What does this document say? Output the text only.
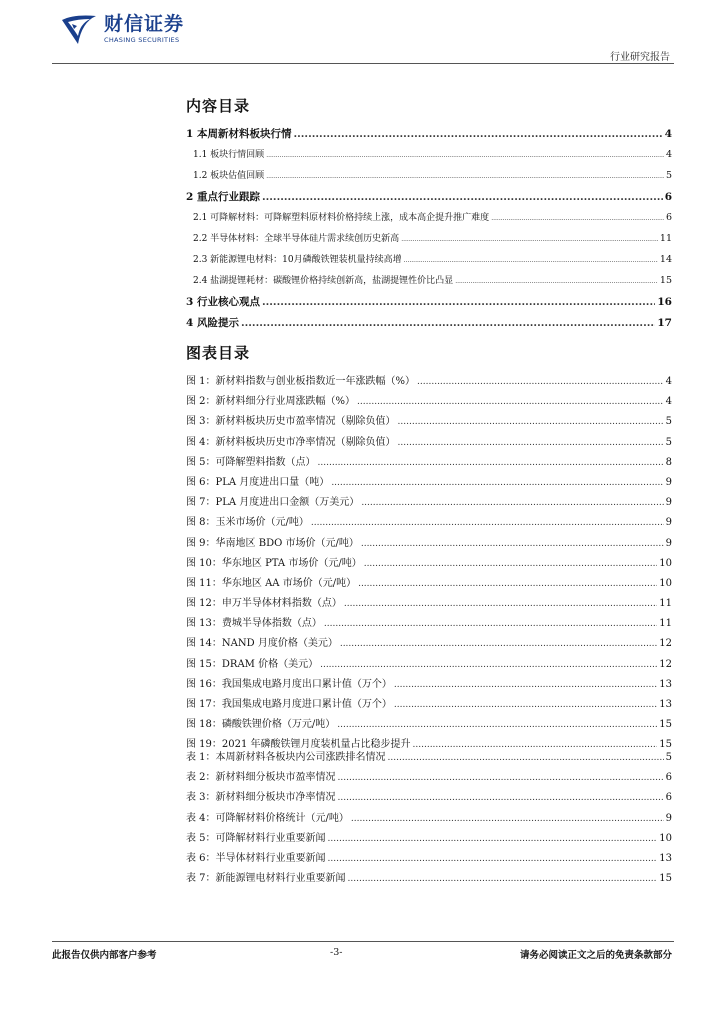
财信证券
CHASING SECURITIES
行业研究报告
内容目录
1 本周新材料板块行情 .....	4
1.1 板块行情回顾 .....	4
1.2 板块估值回顾 .....	5
2 重点行业跟踪 .....	6
2.1 可降解材料：可降解塑料原材料价格持续上涨，成本高企提升推广难度 .....	6
2.2 半导体材料：全球半导体硅片需求续创历史新高 .....	11
2.3 新能源锂电材料：10月磷酸铁锂装机量持续高增 .....	14
2.4 盐湖提锂耗材：碳酸锂价格持续创新高，盐湖提锂性价比凸显 .....	15
3 行业核心观点 .....	16
4 风险提示 .....	17
图表目录
图 1：新材料指数与创业板指数近一年涨跌幅（%） .....	4
图 2：新材料细分行业周涨跌幅（%） .....	4
图 3：新材料板块历史市盈率情况（剔除负值） .....	5
图 4：新材料板块历史市净率情况（剔除负值） .....	5
图 5：可降解塑料指数（点） .....	8
图 6：PLA 月度进出口量（吨） .....	9
图 7：PLA 月度进出口金额（万美元） .....	9
图 8：玉米市场价（元/吨） .....	9
图 9：华南地区 BDO 市场价（元/吨） .....	9
图 10：华东地区 PTA 市场价（元/吨） .....	10
图 11：华东地区 AA 市场价（元/吨） .....	10
图 12：申万半导体材料指数（点） .....	11
图 13：费城半导体指数（点） .....	11
图 14：NAND 月度价格（美元） .....	12
图 15：DRAM 价格（美元） .....	12
图 16：我国集成电路月度出口累计值（万个） .....	13
图 17：我国集成电路月度进口累计值（万个） .....	13
图 18：磷酸铁锂价格（万元/吨） .....	15
图 19：2021 年磷酸铁锂月度装机量占比稳步提升 .....	15
表 1：本周新材料各板块内公司涨跌排名情况 .....	5
表 2：新材料细分板块市盈率情况 .....	6
表 3：新材料细分板块市净率情况 .....	6
表 4：可降解材料价格统计（元/吨） .....	9
表 5：可降解材料行业重要新闻 .....	10
表 6：半导体材料行业重要新闻 .....	13
表 7：新能源锂电材料行业重要新闻 .....	15
此报告仅供内部客户参考	-3-	请务必阅读正文之后的免责条款部分
